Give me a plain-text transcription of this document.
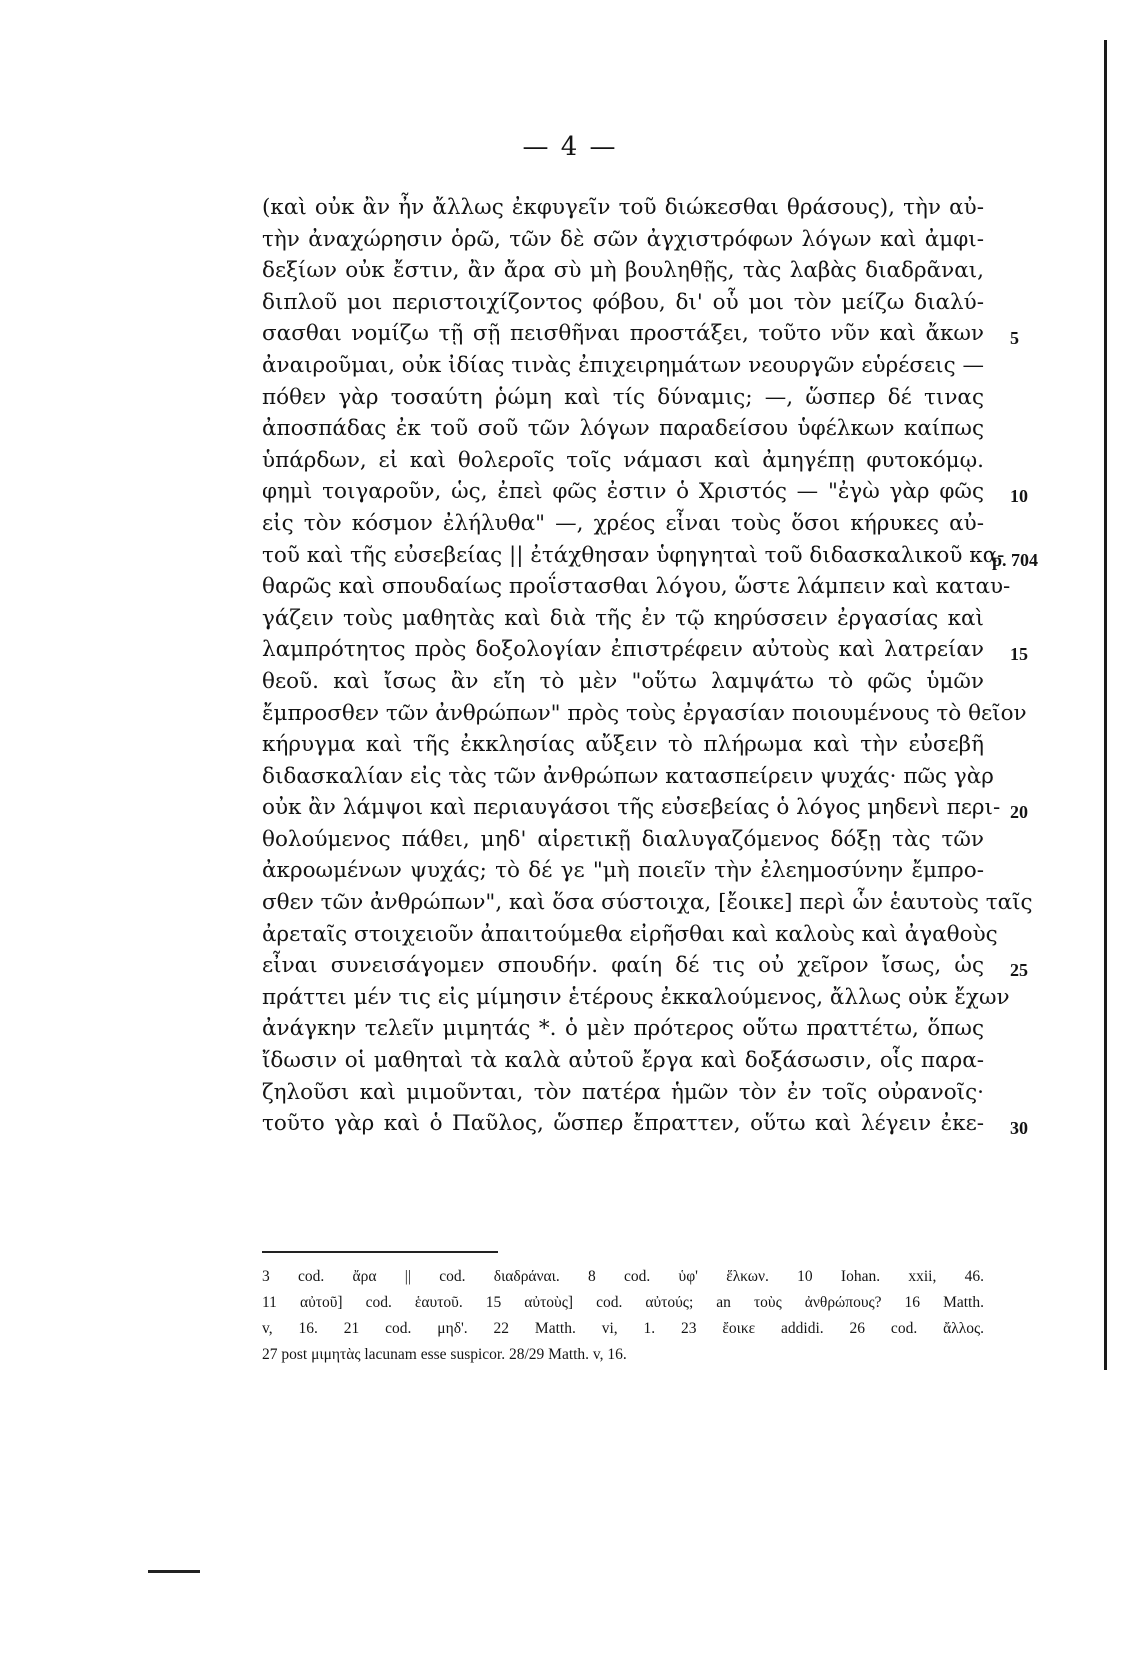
— 4 —
(καὶ οὐκ ἂν ἦν ἄλλως ἐκφυγεῖν τοῦ διώκεσθαι θράσους), τὴν αὐ-
τὴν ἀναχώρησιν ὁρῶ, τῶν δὲ σῶν ἀγχιστρόφων λόγων καὶ ἀμφι-
δεξίων οὐκ ἔστιν, ἂν ἄρα σὺ μὴ βουληθῇς, τὰς λαβὰς διαδρᾶναι,
διπλοῦ μοι περιστοιχίζοντος φόβου, δι' οὗ μοι τὸν μείζω διαλύ-
σασθαι νομίζω τῇ σῇ πεισθῆναι προστάξει, τοῦτο νῦν καὶ ἄκων
ἀναιροῦμαι, οὐκ ἰδίας τινὰς ἐπιχειρημάτων νεουργῶν εὑρέσεις —
πόθεν γὰρ τοσαύτη ῥώμη καὶ τίς δύναμις; —, ὥσπερ δέ τινας
ἀποσπάδας ἐκ τοῦ σοῦ τῶν λόγων παραδείσου ὑφέλκων καίπως
ὑπάρδων, εἰ καὶ θολεροῖς τοῖς νάμασι καὶ ἀμηγέπῃ φυτοκόμῳ.
φημὶ τοιγαροῦν, ὡς, ἐπεὶ φῶς ἐστιν ὁ Χριστός — "ἐγὼ γὰρ φῶς
εἰς τὸν κόσμον ἐλήλυθα" —, χρέος εἶναι τοὺς ὅσοι κήρυκες αὐ-
τοῦ καὶ τῆς εὐσεβείας || ἐτάχθησαν ὑφηγηταὶ τοῦ διδασκαλικοῦ κα-
θαρῶς καὶ σπουδαίως προΐστασθαι λόγου, ὥστε λάμπειν καὶ καταυ-
γάζειν τοὺς μαθητὰς καὶ διὰ τῆς ἐν τῷ κηρύσσειν ἐργασίας καὶ
λαμπρότητος πρὸς δοξολογίαν ἐπιστρέφειν αὐτοὺς καὶ λατρείαν
θεοῦ. καὶ ἴσως ἂν εἴη τὸ μὲν "οὕτω λαμψάτω τὸ φῶς ὑμῶν
ἔμπροσθεν τῶν ἀνθρώπων" πρὸς τοὺς ἐργασίαν ποιουμένους τὸ θεῖον
κήρυγμα καὶ τῆς ἐκκλησίας αὔξειν τὸ πλήρωμα καὶ τὴν εὐσεβῆ
διδασκαλίαν εἰς τὰς τῶν ἀνθρώπων κατασπείρειν ψυχάς· πῶς γὰρ
οὐκ ἂν λάμψοι καὶ περιαυγάσοι τῆς εὐσεβείας ὁ λόγος μηδενὶ περι-
θολούμενος πάθει, μηδ' αἱρετικῇ διαλυγαζόμενος δόξῃ τὰς τῶν
ἀκροωμένων ψυχάς; τὸ δέ γε "μὴ ποιεῖν τὴν ἐλεημοσύνην ἔμπρο-
σθεν τῶν ἀνθρώπων", καὶ ὅσα σύστοιχα, [ἔοικε] περὶ ὧν ἑαυτοὺς ταῖς
ἀρεταῖς στοιχειοῦν ἀπαιτούμεθα εἰρῆσθαι καὶ καλοὺς καὶ ἀγαθοὺς
εἶναι συνεισάγομεν σπουδήν. φαίη δέ τις οὐ χεῖρον ἴσως, ὡς
πράττει μέν τις εἰς μίμησιν ἑτέρους ἐκκαλούμενος, ἄλλως οὐκ ἔχων
ἀνάγκην τελεῖν μιμητάς *. ὁ μὲν πρότερος οὕτω πραττέτω, ὅπως
ἴδωσιν οἱ μαθηταὶ τὰ καλὰ αὐτοῦ ἔργα καὶ δοξάσωσιν, οἷς παρα-
ζηλοῦσι καὶ μιμοῦνται, τὸν πατέρα ἡμῶν τὸν ἐν τοῖς οὐρανοῖς·
τοῦτο γὰρ καὶ ὁ Παῦλος, ὥσπερ ἔπραττεν, οὕτω καὶ λέγειν ἐκε-
5
10
p. 704
15
20
25
30
3 cod. ἄρα || cod. διαδράναι. 8 cod. ὑφ' ἕλκων. 10 Iohan. xxii, 46.
11 αὐτοῦ] cod. ἑαυτοῦ. 15 αὐτοὺς] cod. αὐτούς; an τοὺς ἀνθρώπους? 16 Matth.
v, 16. 21 cod. μηδ'. 22 Matth. vi, 1. 23 ἔοικε addidi. 26 cod. ἄλλος.
27 post μιμητὰς lacunam esse suspicor. 28/29 Matth. v, 16.
